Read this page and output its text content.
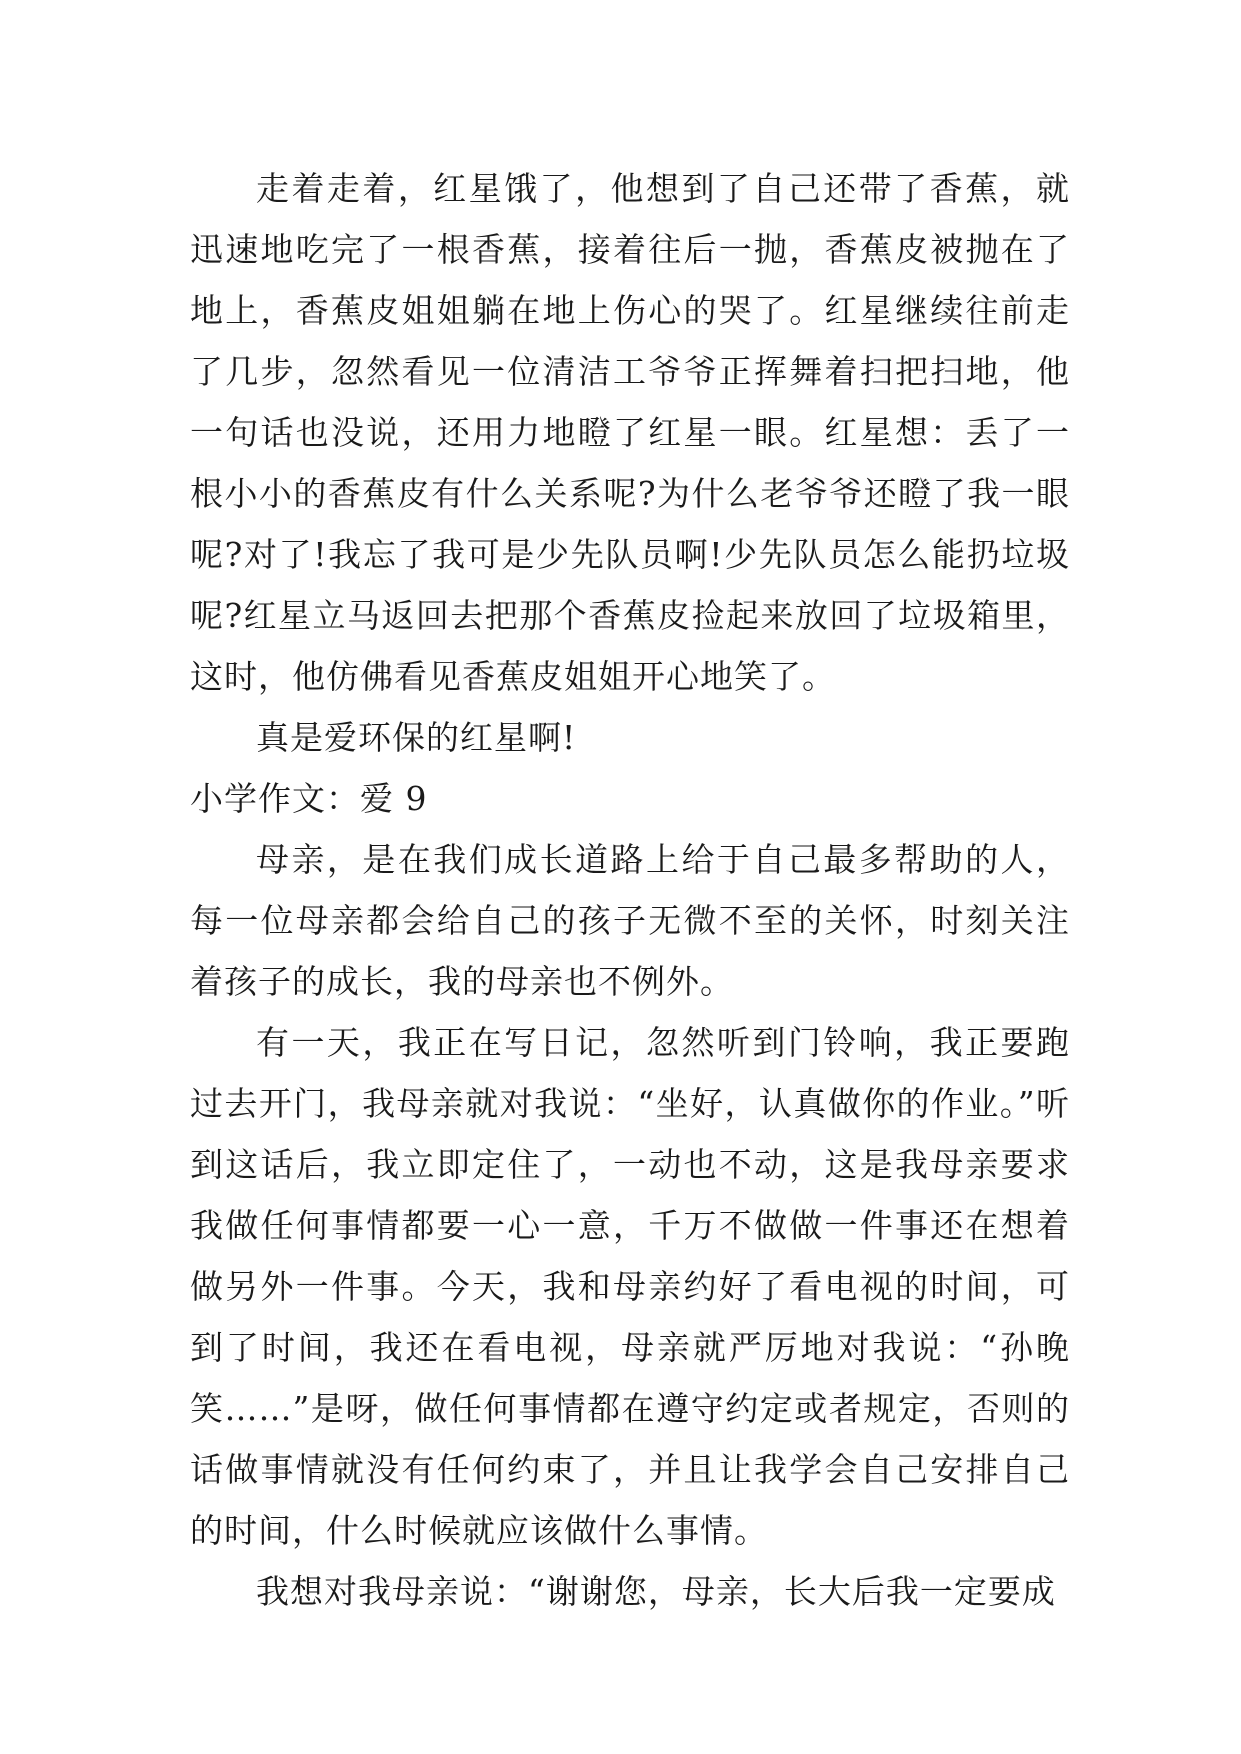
走着走着，红星饿了，他想到了自己还带了香蕉，就迅速地吃完了一根香蕉，接着往后一抛，香蕉皮被抛在了地上，香蕉皮姐姐躺在地上伤心的哭了。红星继续往前走了几步，忽然看见一位清洁工爷爷正挥舞着扫把扫地，他一句话也没说，还用力地瞪了红星一眼。红星想：丢了一根小小的香蕉皮有什么关系呢?为什么老爷爷还瞪了我一眼呢?对了!我忘了我可是少先队员啊!少先队员怎么能扔垃圾呢?红星立马返回去把那个香蕉皮捡起来放回了垃圾箱里，这时，他仿佛看见香蕉皮姐姐开心地笑了。

真是爱环保的红星啊!

小学作文：爱 9

母亲，是在我们成长道路上给于自己最多帮助的人，每一位母亲都会给自己的孩子无微不至的关怀，时刻关注着孩子的成长，我的母亲也不例外。

有一天，我正在写日记，忽然听到门铃响，我正要跑过去开门，我母亲就对我说：“坐好，认真做你的作业。”听到这话后，我立即定住了，一动也不动，这是我母亲要求我做任何事情都要一心一意，千万不做做一件事还在想着做另外一件事。今天，我和母亲约好了看电视的时间，可到了时间，我还在看电视，母亲就严厉地对我说：“孙晚笑……”是呀，做任何事情都在遵守约定或者规定，否则的话做事情就没有任何约束了，并且让我学会自己安排自己的时间，什么时候就应该做什么事情。

我想对我母亲说：“谢谢您，母亲，长大后我一定要成
